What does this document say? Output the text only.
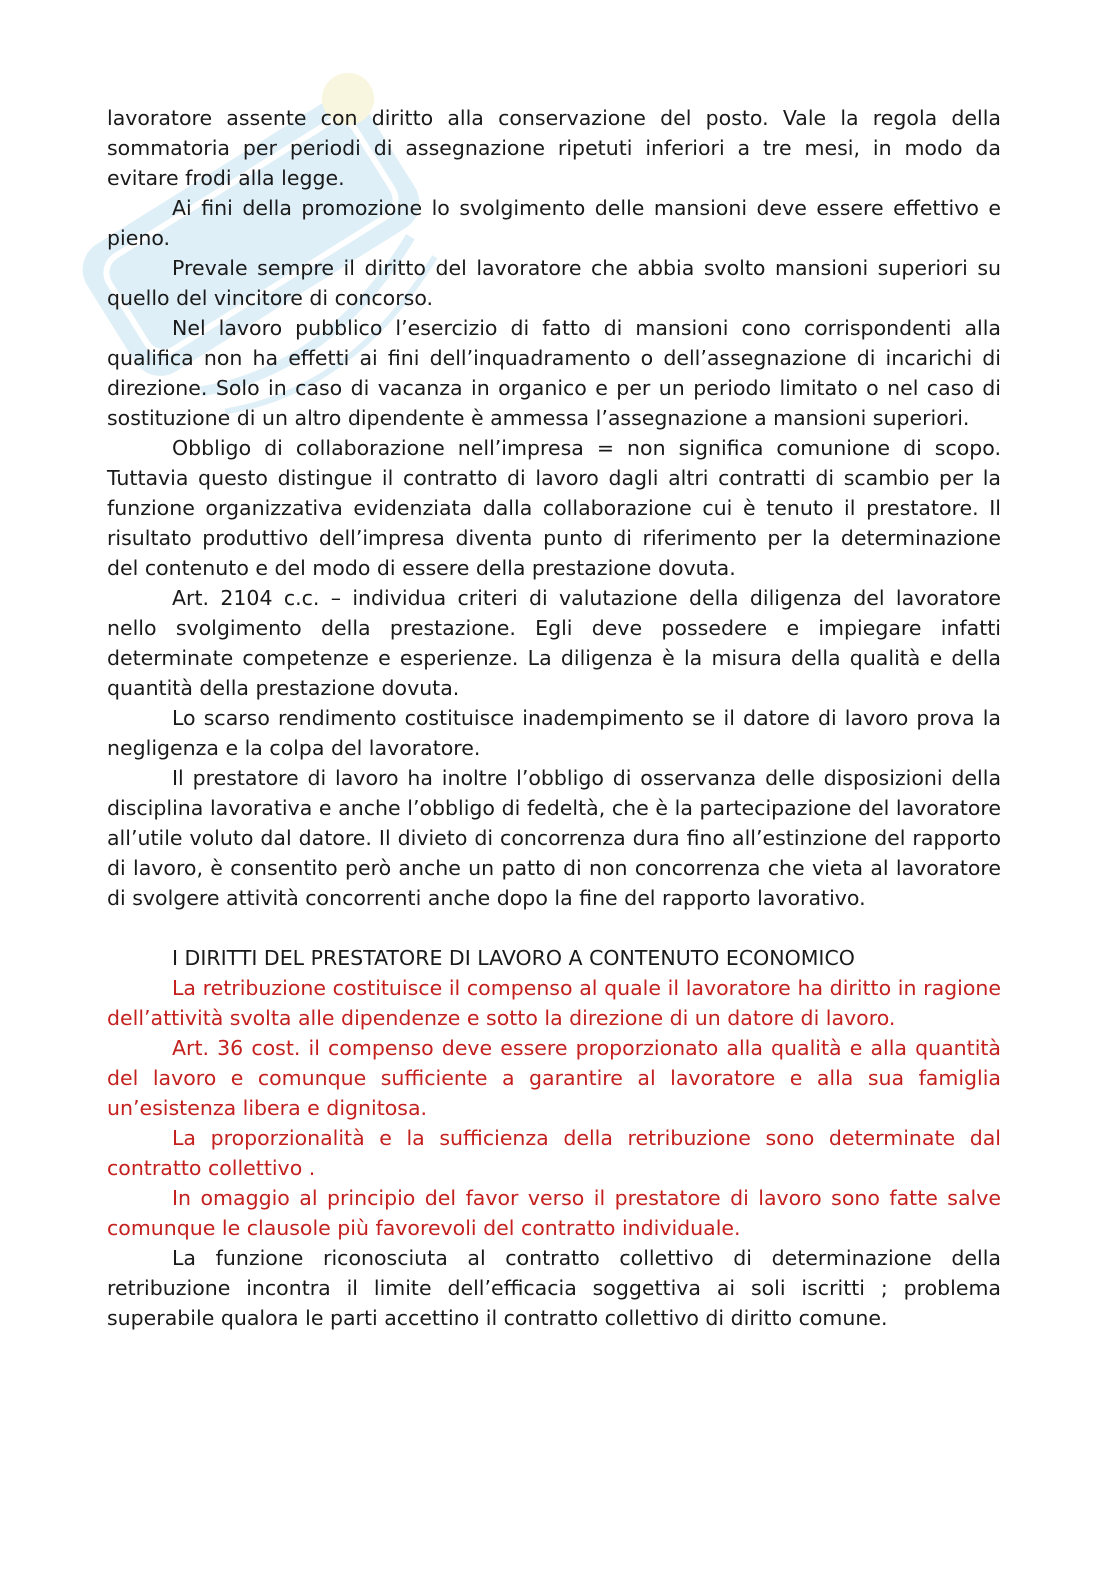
lavoratore assente con diritto alla conservazione del posto. Vale la regola della sommatoria per periodi di assegnazione ripetuti inferiori a tre mesi, in modo da evitare frodi alla legge.

Ai fini della promozione lo svolgimento delle mansioni deve essere effettivo e pieno.

Prevale sempre il diritto del lavoratore che abbia svolto mansioni superiori su quello del vincitore di concorso.

Nel lavoro pubblico l’esercizio di fatto di mansioni cono corrispondenti alla qualifica non ha effetti ai fini dell’inquadramento o dell’assegnazione di incarichi di direzione. Solo in caso di vacanza in organico e per un periodo limitato o nel caso di sostituzione di un altro dipendente è ammessa l’assegnazione a mansioni superiori.

Obbligo di collaborazione nell’impresa = non significa comunione di scopo. Tuttavia questo distingue il contratto di lavoro dagli altri contratti di scambio per la funzione organizzativa evidenziata dalla collaborazione cui è tenuto il prestatore. Il risultato produttivo dell’impresa diventa punto di riferimento per la determinazione del contenuto e del modo di essere della prestazione dovuta.

Art. 2104 c.c. – individua criteri di valutazione della diligenza del lavoratore nello svolgimento della prestazione. Egli deve possedere e impiegare infatti determinate competenze e esperienze. La diligenza è la misura della qualità e della quantità della prestazione dovuta.

Lo scarso rendimento costituisce inadempimento se il datore di lavoro prova la negligenza e la colpa del lavoratore.

Il prestatore di lavoro ha inoltre l’obbligo di osservanza delle disposizioni della disciplina lavorativa e anche l’obbligo di fedeltà, che è la partecipazione del lavoratore all’utile voluto dal datore. Il divieto di concorrenza dura fino all’estinzione del rapporto di lavoro, è consentito però anche un patto di non concorrenza che vieta al lavoratore di svolgere attività concorrenti anche dopo la fine del rapporto lavorativo.

I DIRITTI DEL PRESTATORE DI LAVORO A CONTENUTO ECONOMICO

La retribuzione costituisce il compenso al quale il lavoratore ha diritto in ragione dell’attività svolta alle dipendenze e sotto la direzione di un datore di lavoro.

Art. 36 cost. il compenso deve essere proporzionato alla qualità e alla quantità del lavoro e comunque sufficiente a garantire al lavoratore e alla sua famiglia un’esistenza libera e dignitosa.

La proporzionalità e la sufficienza della retribuzione sono determinate dal contratto collettivo .

In omaggio al principio del favor verso il prestatore di lavoro sono fatte salve comunque le clausole più favorevoli del contratto individuale.

La funzione riconosciuta al contratto collettivo di determinazione della retribuzione incontra il limite dell’efficacia soggettiva ai soli iscritti ; problema superabile qualora le parti accettino il contratto collettivo di diritto comune.
